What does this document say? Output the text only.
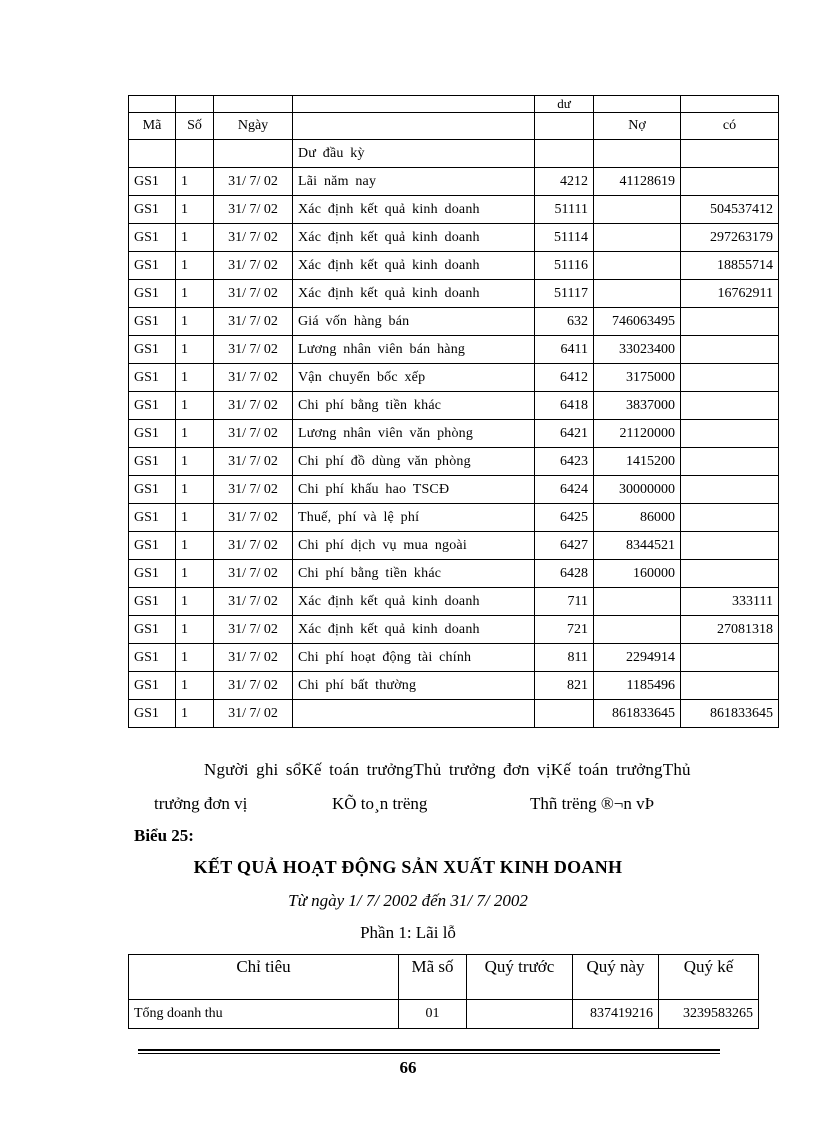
				dư		
Mã	Số	Ngày			Nợ	có
			Dư đầu kỳ			
GS1	1	31/ 7/ 02	Lãi năm nay	4212	41128619	
GS1	1	31/ 7/ 02	Xác định kết quả kinh doanh	51111		504537412
GS1	1	31/ 7/ 02	Xác định kết quả kinh doanh	51114		297263179
GS1	1	31/ 7/ 02	Xác định kết quả kinh doanh	51116		18855714
GS1	1	31/ 7/ 02	Xác định kết quả kinh doanh	51117		16762911
GS1	1	31/ 7/ 02	Giá vốn hàng bán	632	746063495	
GS1	1	31/ 7/ 02	Lương nhân viên bán hàng	6411	33023400	
GS1	1	31/ 7/ 02	Vận chuyển bốc xếp	6412	3175000	
GS1	1	31/ 7/ 02	Chi phí bằng tiền khác	6418	3837000	
GS1	1	31/ 7/ 02	Lương nhân viên văn phòng	6421	21120000	
GS1	1	31/ 7/ 02	Chi phí đồ dùng văn phòng	6423	1415200	
GS1	1	31/ 7/ 02	Chi phí khấu hao TSCĐ	6424	30000000	
GS1	1	31/ 7/ 02	Thuế, phí và lệ phí	6425	86000	
GS1	1	31/ 7/ 02	Chi phí dịch vụ mua ngoài	6427	8344521	
GS1	1	31/ 7/ 02	Chi phí bằng tiền khác	6428	160000	
GS1	1	31/ 7/ 02	Xác định kết quả kinh doanh	711		333111
GS1	1	31/ 7/ 02	Xác định kết quả kinh doanh	721		27081318
GS1	1	31/ 7/ 02	Chi phí hoạt động tài chính	811	2294914	
GS1	1	31/ 7/ 02	Chi phí bất thường	821	1185496	
GS1	1	31/ 7/ 02			861833645	861833645
Người ghi sổKế toán trưởngThủ trưởng đơn vịKế toán trưởngThủ
trưởng đơn vị	KÕ to¸n trëng	Thñ trëng ®¬n vÞ
Biểu 25:
KẾT QUẢ HOẠT ĐỘNG SẢN XUẤT KINH DOANH
Từ ngày 1/ 7/ 2002 đến 31/ 7/ 2002
Phần 1: Lãi lỗ
Chỉ tiêu	Mã số	Quý trước	Quý này	Quý kế
Tổng doanh thu	01		837419216	3239583265
66
